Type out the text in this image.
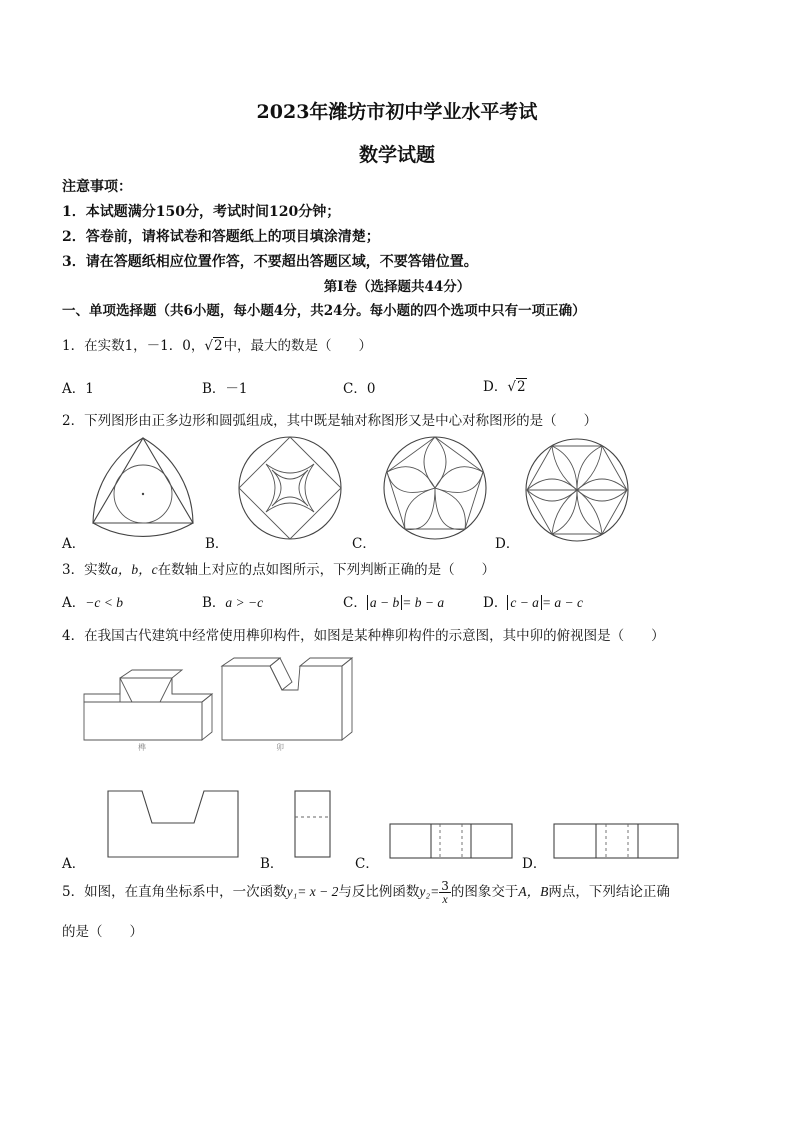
2023年潍坊市初中学业水平考试
数学试题
注意事项：
1．本试题满分150分，考试时间120分钟；
2．答卷前，请将试卷和答题纸上的项目填涂清楚；
3．请在答题纸相应位置作答，不要超出答题区域，不要答错位置。
第Ⅰ卷（选择题共44分）
一、单项选择题（共6小题，每小题4分，共24分。每小题的四个选项中只有一项正确）
1．在实数1，－1．0，√2中，最大的数是（　　）
A．1	B．－1	C．0	D．√2
2．下列图形由正多边形和圆弧组成，其中既是轴对称图形又是中心对称图形的是（　　）
A．	B．	C．	D．
3．实数a，b，c在数轴上对应的点如图所示，下列判断正确的是（　　）
A．−c < b	B．a > −c	C． a − b = b − a	D． c − a = a − c
4．在我国古代建筑中经常使用榫卯构件，如图是某种榫卯构件的示意图，其中卯的俯视图是（　　）
榫	卯
A．	B．	C．	D．
5．如图，在直角坐标系中，一次函数y₁= x − 2与反比例函数$y_2= \frac{3}{x}$ 的图象交于A，B两点，下列结论正确
的是（　　）
